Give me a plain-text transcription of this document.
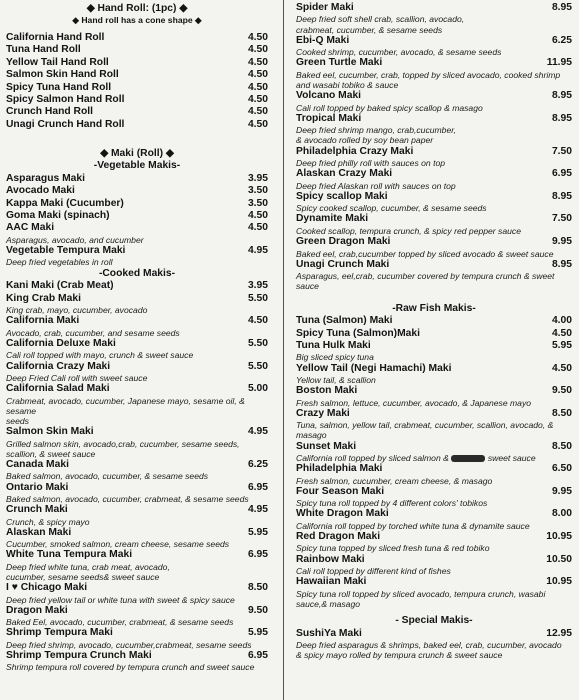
◆ Hand Roll: (1pc) ◆
◆ Hand roll has a cone shape ◆
California Hand Roll	4.50
Tuna Hand Roll	4.50
Yellow Tail Hand Roll	4.50
Salmon Skin Hand Roll	4.50
Spicy Tuna Hand Roll	4.50
Spicy Salmon Hand Roll	4.50
Crunch Hand Roll	4.50
Unagi Crunch Hand Roll	4.50
◆ Maki (Roll) ◆
-Vegetable Makis-
Asparagus Maki	3.95
Avocado Maki	3.50
Kappa Maki (Cucumber)	3.50
Goma Maki (spinach)	4.50
AAC Maki	4.50
Asparagus, avocado, and cucumber
Vegetable Tempura Maki	4.95
Deep fried vegetables in roll
-Cooked Makis-
Kani Maki (Crab Meat)	3.95
King Crab Maki	5.50
King crab, mayo, cucumber, avocado
California Maki	4.50
Avocado, crab, cucumber, and sesame seeds
California Deluxe Maki	5.50
Cali roll topped with mayo, crunch & sweet sauce
California Crazy Maki	5.50
Deep Fried Cali roll with sweet sauce
California Salad Maki	5.00
Crabmeat, avocado, cucumber, Japanese mayo, sesame oil, & sesame
seeds
Salmon Skin Maki	4.95
Grilled salmon skin, avocado,crab, cucumber, sesame seeds,
scallion, & sweet sauce
Canada Maki	6.25
Baked salmon, avocado, cucumber, & sesame seeds
Ontario Maki	6.95
Baked salmon, avocado, cucumber, crabmeat, & sesame seeds
Crunch Maki	4.95
Crunch, & spicy mayo
Alaskan Maki	5.95
Cucumber, smoked salmon, cream cheese, sesame seeds
White Tuna Tempura Maki	6.95
Deep fried white tuna, crab meat, avocado,
cucumber, sesame seeds& sweet sauce
I ♥ Chicago Maki	8.50
Deep fried yellow tail or white tuna with sweet & spicy sauce
Dragon Maki	9.50
Baked Eel, avocado, cucumber, crabmeat, & sesame seeds
Shrimp Tempura Maki	5.95
Deep fried shrimp, avocado, cucumber,crabmeat, sesame seeds
Shrimp Tempura Crunch Maki	6.95
Shrimp tempura roll covered by tempura crunch and sweet sauce
Spider Maki	8.95
Deep fried soft shell crab, scallion, avocado,
crabmeat, cucumber, & sesame seeds
Ebi-Q Maki	6.25
Cooked shrimp, cucumber, avocado, & sesame seeds
Green Turtle Maki	11.95
Baked eel, cucumber, crab, topped by sliced avocado, cooked shrimp
and wasabi tobiko & sauce
Volcano Maki	8.95
Cali roll topped by baked spicy scallop & masago
Tropical Maki	8.95
Deep fried shrimp mango, crab,cucumber,
& avocado rolled by soy bean paper
Philadelphia Crazy Maki	7.50
Deep fried philly roll with sauces on top
Alaskan Crazy Maki	6.95
Deep fried Alaskan roll with sauces on top
Spicy scallop Maki	8.95
Spicy cooked scallop, cucumber, & sesame seeds
Dynamite Maki	7.50
Cooked scallop, tempura crunch, & spicy red pepper sauce
Green Dragon Maki	9.95
Baked eel, crab,cucumber topped by sliced avocado & sweet sauce
Unagi Crunch Maki	8.95
Asparagus, eel,crab, cucumber covered by tempura crunch & sweet
sauce
-Raw Fish Makis-
Tuna (Salmon) Maki	4.00
Spicy Tuna (Salmon)Maki	4.50
Tuna Hulk Maki	5.95
Big sliced spicy tuna
Yellow Tail (Negi Hamachi) Maki	4.50
Yellow tail, & scallion
Boston Maki	9.50
Fresh salmon, lettuce, cucumber, avocado, & Japanese mayo
Crazy Maki	8.50
Tuna, salmon, yellow tail, crabmeat, cucumber, scallion, avocado, &
masago
Sunset Maki	8.50
California roll topped by sliced salmon &	sweet sauce
Philadelphia Maki	6.50
Fresh salmon, cucumber, cream cheese, & masago
Four Season Maki	9.95
Spicy tuna roll topped by 4 different colors' tobikos
White Dragon Maki	8.00
California roll topped by torched white tuna & dynamite sauce
Red Dragon Maki	10.95
Spicy tuna topped by sliced fresh tuna & red tobiko
Rainbow Maki	10.50
Cali roll topped by different kind of fishes
Hawaiian Maki	10.95
Spicy tuna roll topped by sliced avocado, tempura crunch, wasabi
sauce,& masago
- Special Makis-
SushiYa Maki	12.95
Deep fried asparagus & shrimps, baked eel, crab, cucumber, avocado
& spicy mayo rolled by tempura crunch & sweet sauce
